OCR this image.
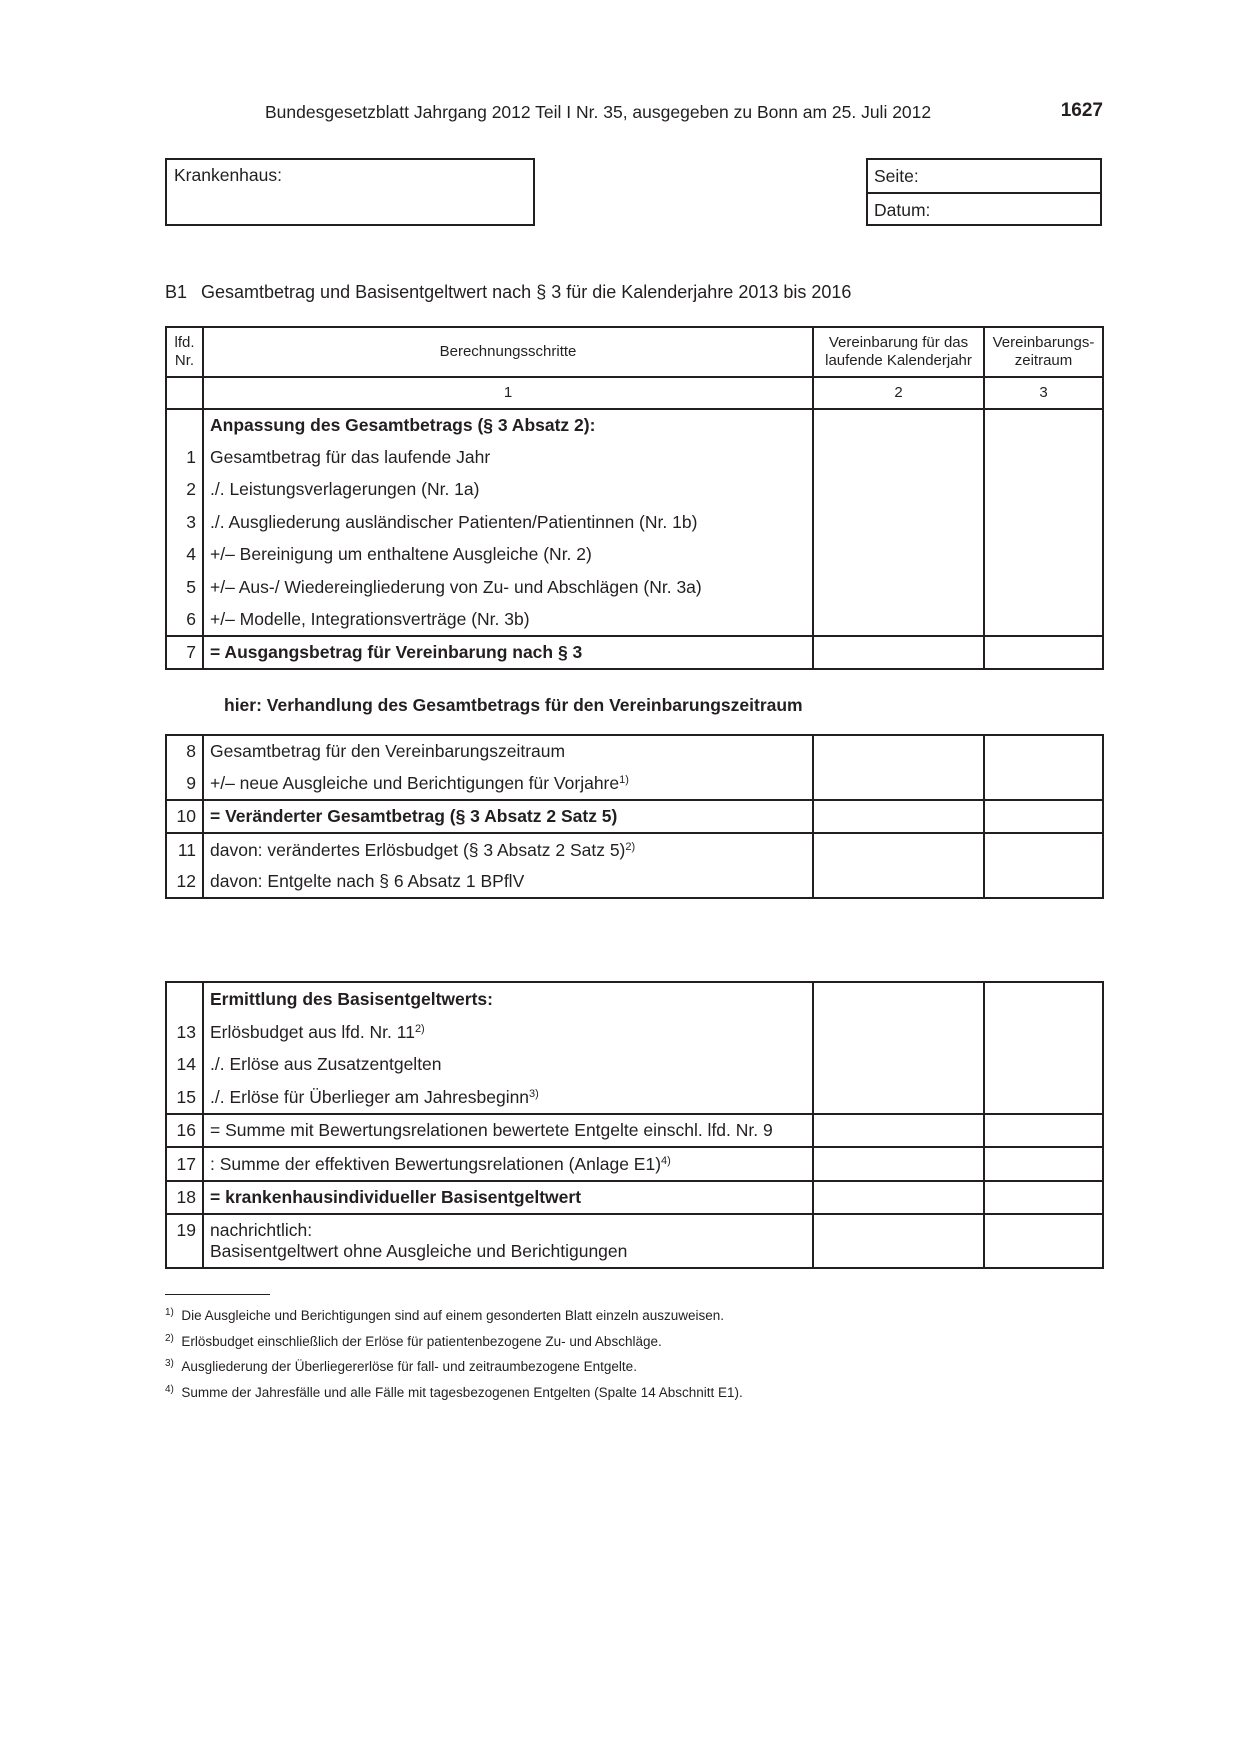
Bundesgesetzblatt Jahrgang 2012 Teil I Nr. 35, ausgegeben zu Bonn am 25. Juli 2012	1627
Krankenhaus:	Seite:
Datum:
B1 Gesamtbetrag und Basisentgeltwert nach § 3 für die Kalenderjahre 2013 bis 2016
lfd. Nr.	Berechnungsschritte	Vereinbarung für das laufende Kalenderjahr	Vereinbarungs- zeitraum
	1	2	3
	Anpassung des Gesamtbetrags (§ 3 Absatz 2):		
1	Gesamtbetrag für das laufende Jahr		
2	./. Leistungsverlagerungen (Nr. 1a)		
3	./. Ausgliederung ausländischer Patienten/Patientinnen (Nr. 1b)		
4	+/– Bereinigung um enthaltene Ausgleiche (Nr. 2)		
5	+/– Aus-/ Wiedereingliederung von Zu- und Abschlägen (Nr. 3a)		
6	+/– Modelle, Integrationsverträge (Nr. 3b)		
7	= Ausgangsbetrag für Vereinbarung nach § 3		
hier: Verhandlung des Gesamtbetrags für den Vereinbarungszeitraum
8	Gesamtbetrag für den Vereinbarungszeitraum		
9	+/– neue Ausgleiche und Berichtigungen für Vorjahre$^{1)}$		
10	= Veränderter Gesamtbetrag (§ 3 Absatz 2 Satz 5)		
11	davon: verändertes Erlösbudget (§ 3 Absatz 2 Satz 5)$^{2)}$		
12	davon: Entgelte nach § 6 Absatz 1 BPflV		
	Ermittlung des Basisentgeltwerts:		
13	Erlösbudget aus lfd. Nr. 11$^{2)}$		
14	./. Erlöse aus Zusatzentgelten		
15	./. Erlöse für Überlieger am Jahresbeginn$^{3)}$		
16	= Summe mit Bewertungsrelationen bewertete Entgelte einschl. lfd. Nr. 9		
17	: Summe der effektiven Bewertungsrelationen (Anlage E1)$^{4)}$		
18	= krankenhausindividueller Basisentgeltwert		
19	nachrichtlich:
Basisentgeltwert ohne Ausgleiche und Berichtigungen		

$^{1)}$ Die Ausgleiche und Berichtigungen sind auf einem gesonderten Blatt einzeln auszuweisen.
$^{2)}$ Erlösbudget einschließlich der Erlöse für patientenbezogene Zu- und Abschläge.
$^{3)}$ Ausgliederung der Überliegererlöse für fall- und zeitraumbezogene Entgelte.
$^{4)}$ Summe der Jahresfälle und alle Fälle mit tagesbezogenen Entgelten (Spalte 14 Abschnitt E1).
